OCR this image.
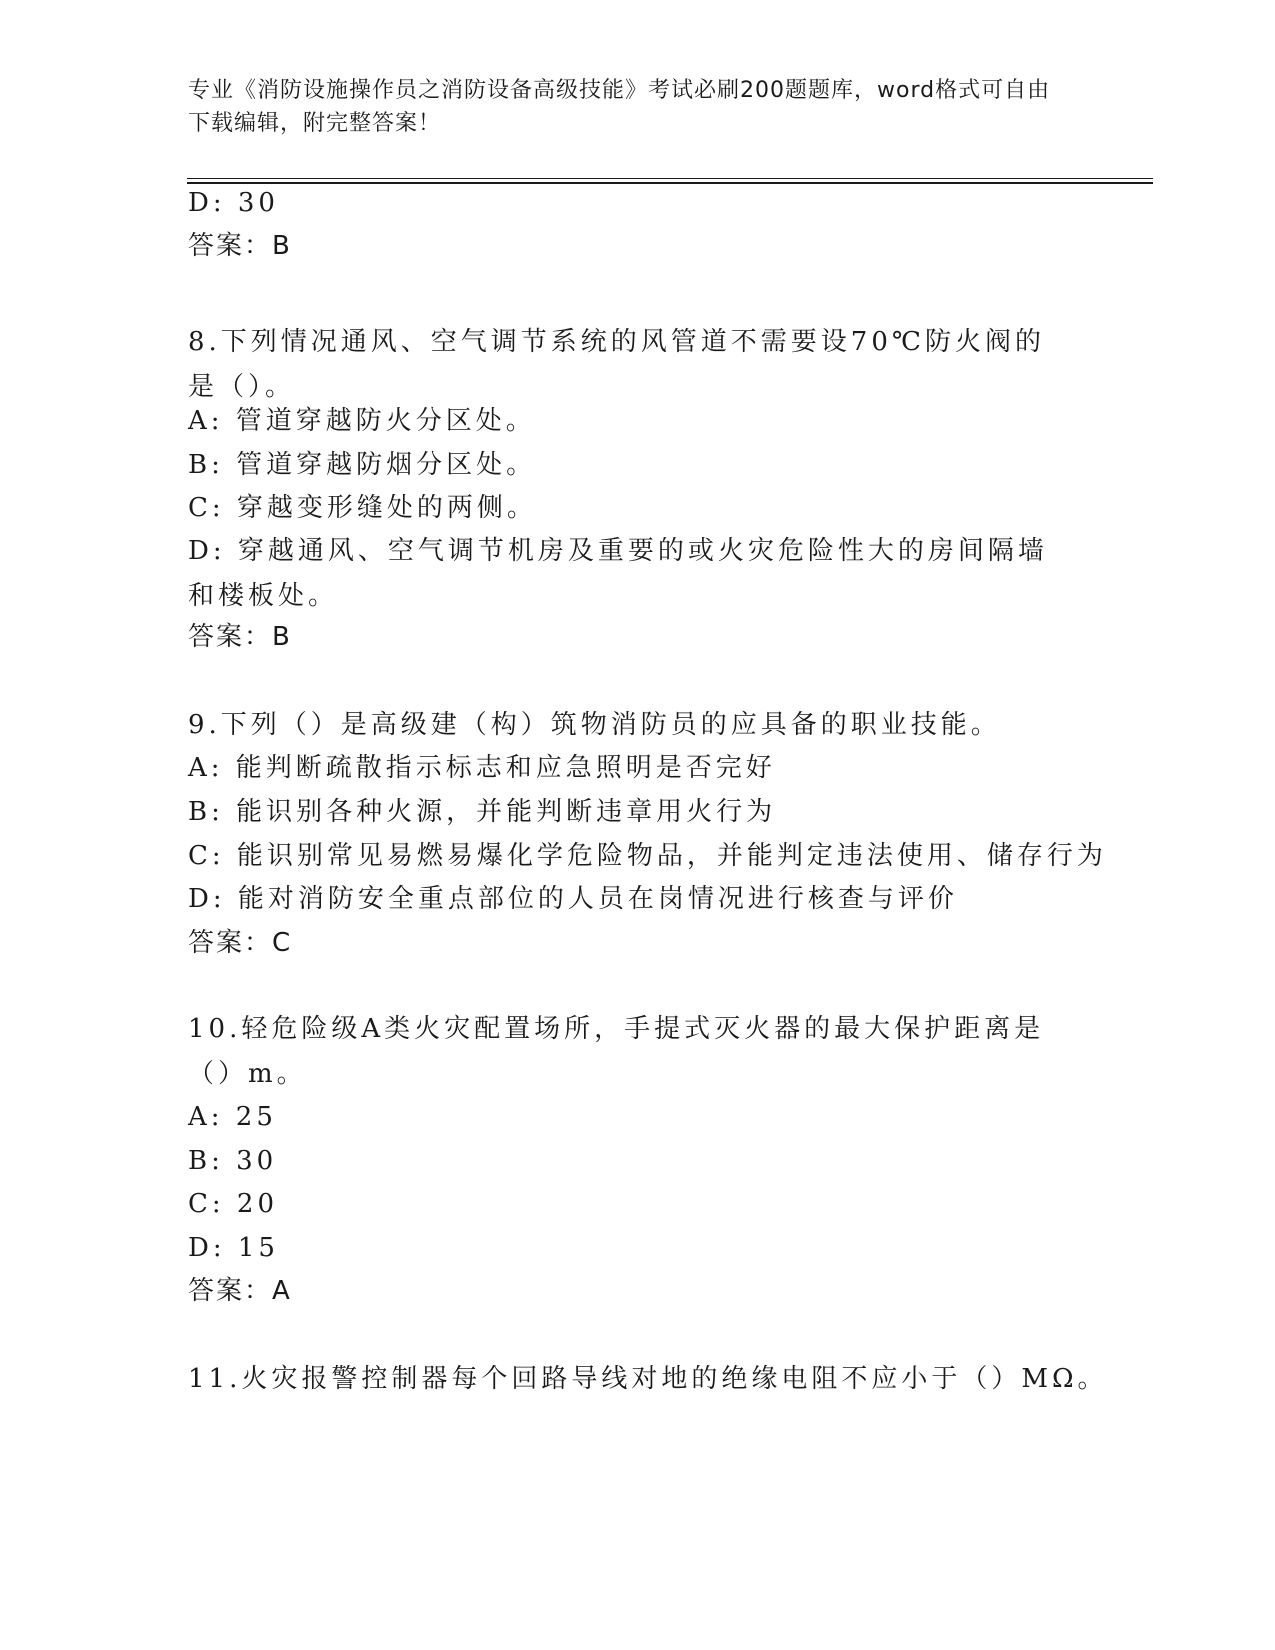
专业《消防设施操作员之消防设备高级技能》考试必刷200题题库，word格式可自由下载编辑，附完整答案！
D: 30
答案：B
8.下列情况通风、空气调节系统的风管道不需要设70℃防火阀的是（）。
A: 管道穿越防火分区处。
B: 管道穿越防烟分区处。
C: 穿越变形缝处的两侧。
D: 穿越通风、空气调节机房及重要的或火灾危险性大的房间隔墙和楼板处。
答案：B
9.下列（）是高级建（构）筑物消防员的应具备的职业技能。
A: 能判断疏散指示标志和应急照明是否完好
B: 能识别各种火源，并能判断违章用火行为
C: 能识别常见易燃易爆化学危险物品，并能判定违法使用、储存行为
D: 能对消防安全重点部位的人员在岗情况进行核查与评价
答案：C
10.轻危险级A类火灾配置场所，手提式灭火器的最大保护距离是（）m。
A: 25
B: 30
C: 20
D: 15
答案：A
11.火灾报警控制器每个回路导线对地的绝缘电阻不应小于（）MΩ。
